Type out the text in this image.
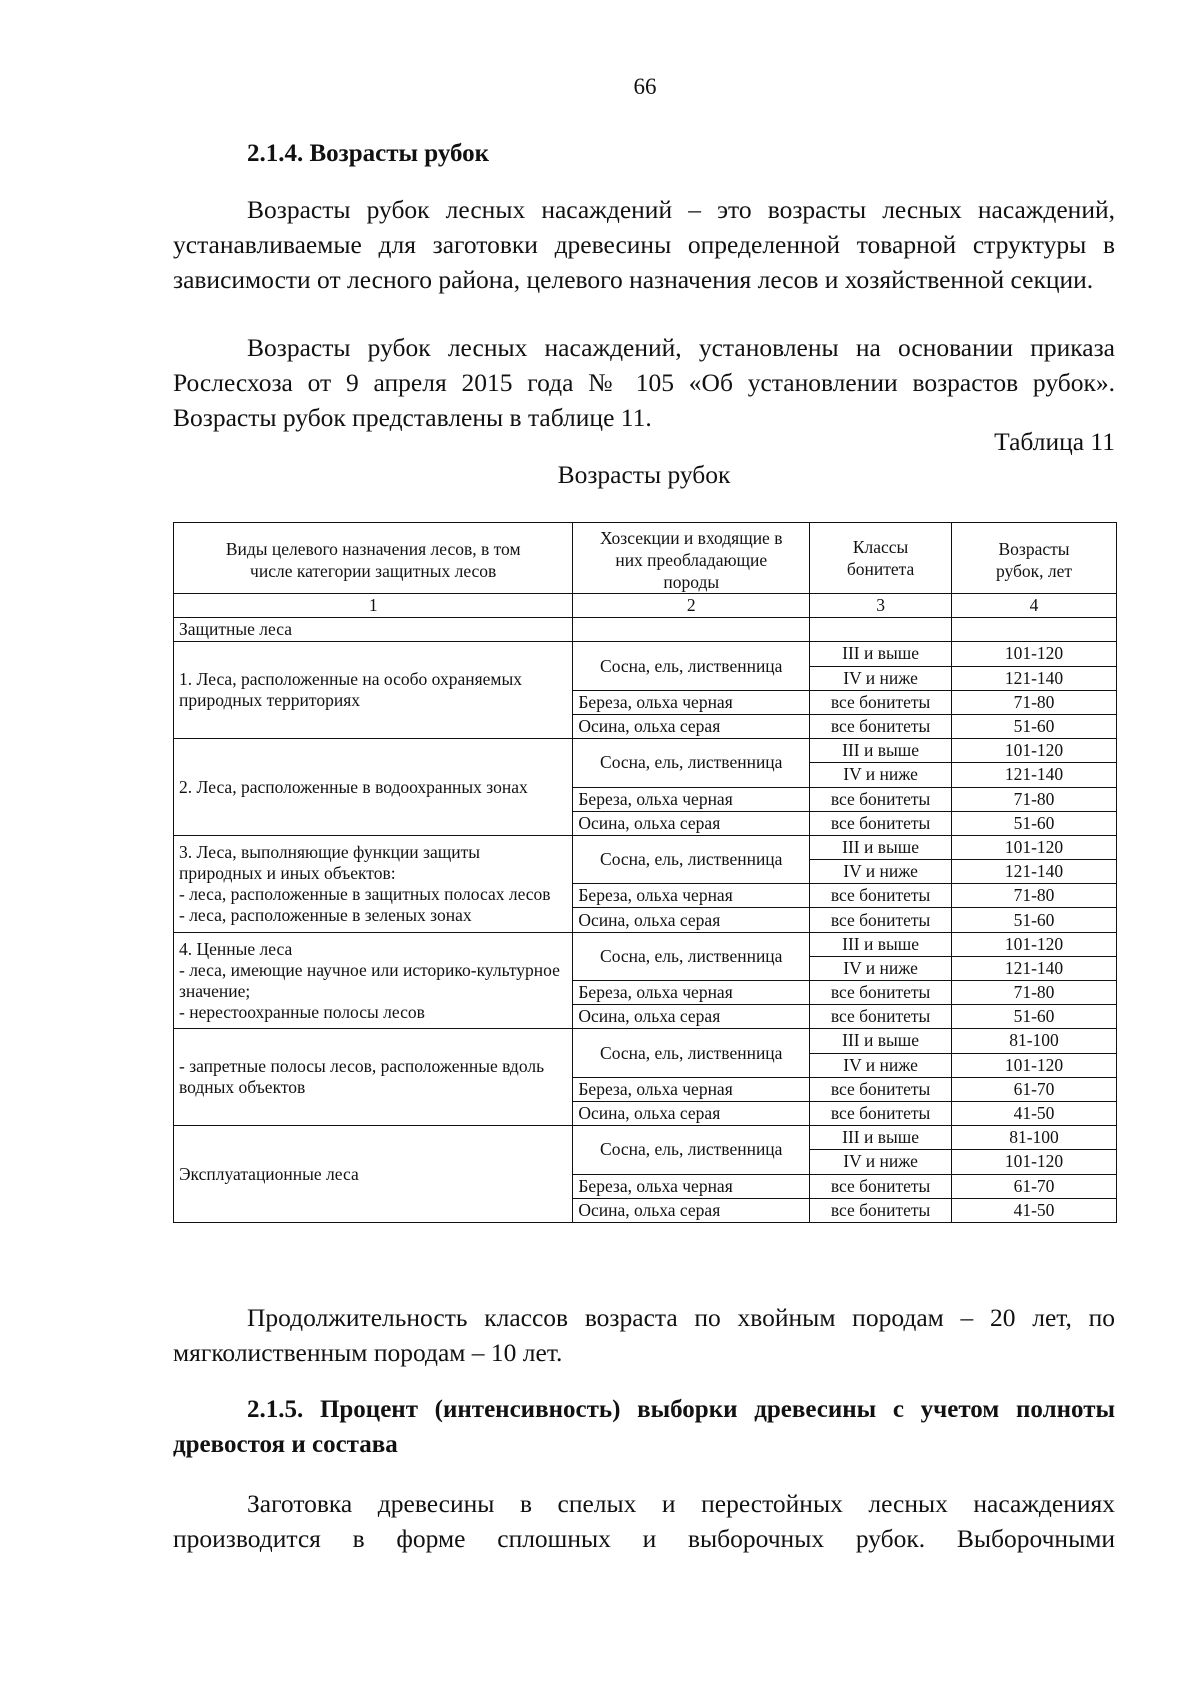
66

2.1.4. Возрасты рубок

Возрасты рубок лесных насаждений – это возрасты лесных насаждений, устанавливаемые для заготовки древесины определенной товарной структуры в зависимости от лесного района, целевого назначения лесов и хозяйственной секции.

Возрасты рубок лесных насаждений, установлены на основании приказа Рослесхоза от 9 апреля 2015 года № 105 «Об установлении возрастов рубок». Возрасты рубок представлены в таблице 11.

Таблица 11
Возрасты рубок
Виды целевого назначения лесов, в том числе категории защитных лесов	Хозсекции и входящие в них преобладающие породы	Классы бонитета	Возрасты рубок, лет
1	2	3	4
Защитные леса			

1. Леса, расположенные на особо охраняемых природных территориях	Сосна, ель, лиственница	III и выше	101-120
		IV и ниже	121-140
	Береза, ольха черная	все бонитеты	71-80
	Осина, ольха серая	все бонитеты	51-60

2. Леса, расположенные в водоохранных зонах	Сосна, ель, лиственница	III и выше	101-120
		IV и ниже	121-140
	Береза, ольха черная	все бонитеты	71-80
	Осина, ольха серая	все бонитеты	51-60

3. Леса, выполняющие функции защиты природных и иных объектов:
- леса, расположенные в защитных полосах лесов
- леса, расположенные в зеленых зонах	Сосна, ель, лиственница	III и выше	101-120
		IV и ниже	121-140
	Береза, ольха черная	все бонитеты	71-80
	Осина, ольха серая	все бонитеты	51-60

4. Ценные леса
- леса, имеющие научное или историко-культурное значение;
- нерестоохранные полосы лесов	Сосна, ель, лиственница	III и выше	101-120
		IV и ниже	121-140
	Береза, ольха черная	все бонитеты	71-80
	Осина, ольха серая	все бонитеты	51-60

- запретные полосы лесов, расположенные вдоль водных объектов	Сосна, ель, лиственница	III и выше	81-100
		IV и ниже	101-120
	Береза, ольха черная	все бонитеты	61-70
	Осина, ольха серая	все бонитеты	41-50

Эксплуатационные леса	Сосна, ель, лиственница	III и выше	81-100
		IV и ниже	101-120
	Береза, ольха черная	все бонитеты	61-70
	Осина, ольха серая	все бонитеты	41-50

Продолжительность классов возраста по хвойным породам – 20 лет, по мягколиственным породам – 10 лет.

2.1.5. Процент (интенсивность) выборки древесины с учетом полноты древостоя и состава

Заготовка древесины в спелых и перестойных лесных насаждениях производится в форме сплошных и выборочных рубок. Выборочными
